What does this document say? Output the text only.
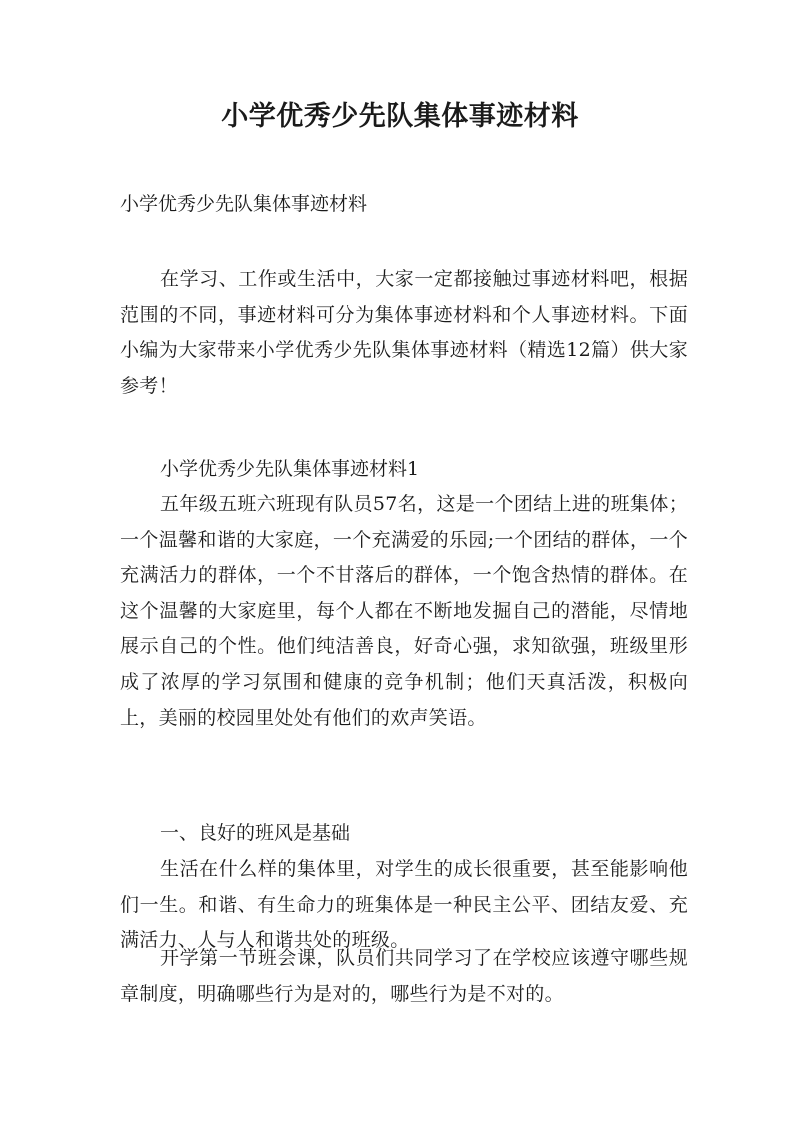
小学优秀少先队集体事迹材料

小学优秀少先队集体事迹材料

在学习、工作或生活中，大家一定都接触过事迹材料吧，根据范围的不同，事迹材料可分为集体事迹材料和个人事迹材料。下面小编为大家带来小学优秀少先队集体事迹材料（精选12篇）供大家参考！

小学优秀少先队集体事迹材料1

五年级五班六班现有队员57名，这是一个团结上进的班集体；一个温馨和谐的大家庭，一个充满爱的乐园;一个团结的群体，一个充满活力的群体，一个不甘落后的群体，一个饱含热情的群体。在这个温馨的大家庭里，每个人都在不断地发掘自己的潜能，尽情地展示自己的个性。他们纯洁善良，好奇心强，求知欲强，班级里形成了浓厚的学习氛围和健康的竞争机制；他们天真活泼，积极向上，美丽的校园里处处有他们的欢声笑语。

一、良好的班风是基础

生活在什么样的集体里，对学生的成长很重要，甚至能影响他们一生。和谐、有生命力的班集体是一种民主公平、团结友爱、充满活力、人与人和谐共处的班级。

开学第一节班会课，队员们共同学习了在学校应该遵守哪些规章制度，明确哪些行为是对的，哪些行为是不对的。
